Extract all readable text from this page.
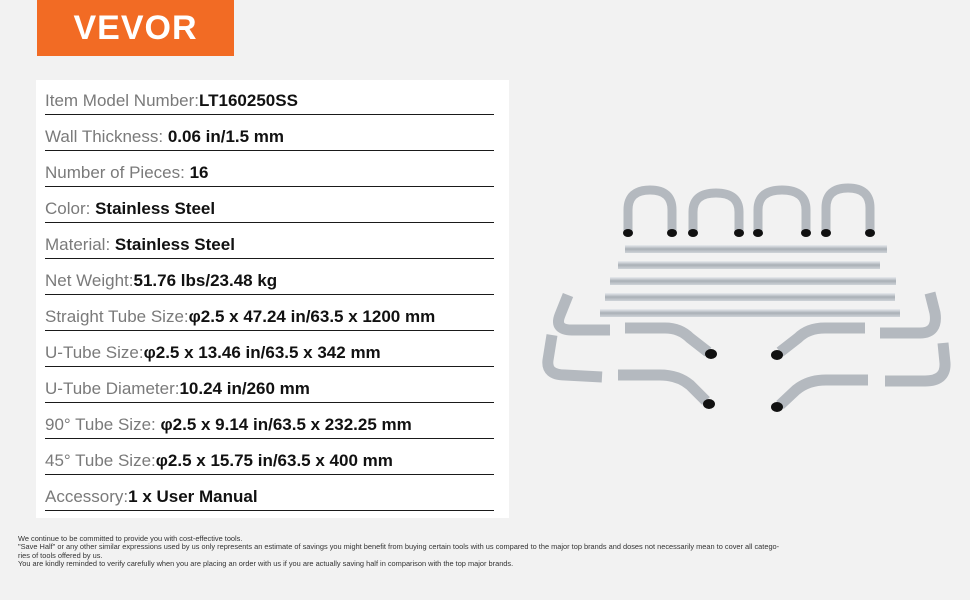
VEVOR
Item Model Number:LT160250SS
Wall Thickness: 0.06 in/1.5 mm
Number of Pieces: 16
Color: Stainless Steel
Material: Stainless Steel
Net Weight:51.76 lbs/23.48 kg
Straight Tube Size:φ2.5 x 47.24 in/63.5 x 1200 mm
U-Tube Size:φ2.5 x 13.46 in/63.5 x 342 mm
U-Tube Diameter:10.24 in/260 mm
90° Tube Size: φ2.5 x 9.14 in/63.5 x 232.25 mm
45° Tube Size:φ2.5 x 15.75 in/63.5 x 400 mm
Accessory:1 x User Manual
We continue to be committed to provide you with cost-effective tools.
"Save Half" or any other similar expressions used by us only represents an estimate of savings you might benefit from buying certain tools with us compared to the major top brands and doses not necessarily mean to cover all catego-
ries of tools offered by us.
You are kindly reminded to verify carefully when you are placing an order with us if you are actually saving half in comparison with the top major brands.
